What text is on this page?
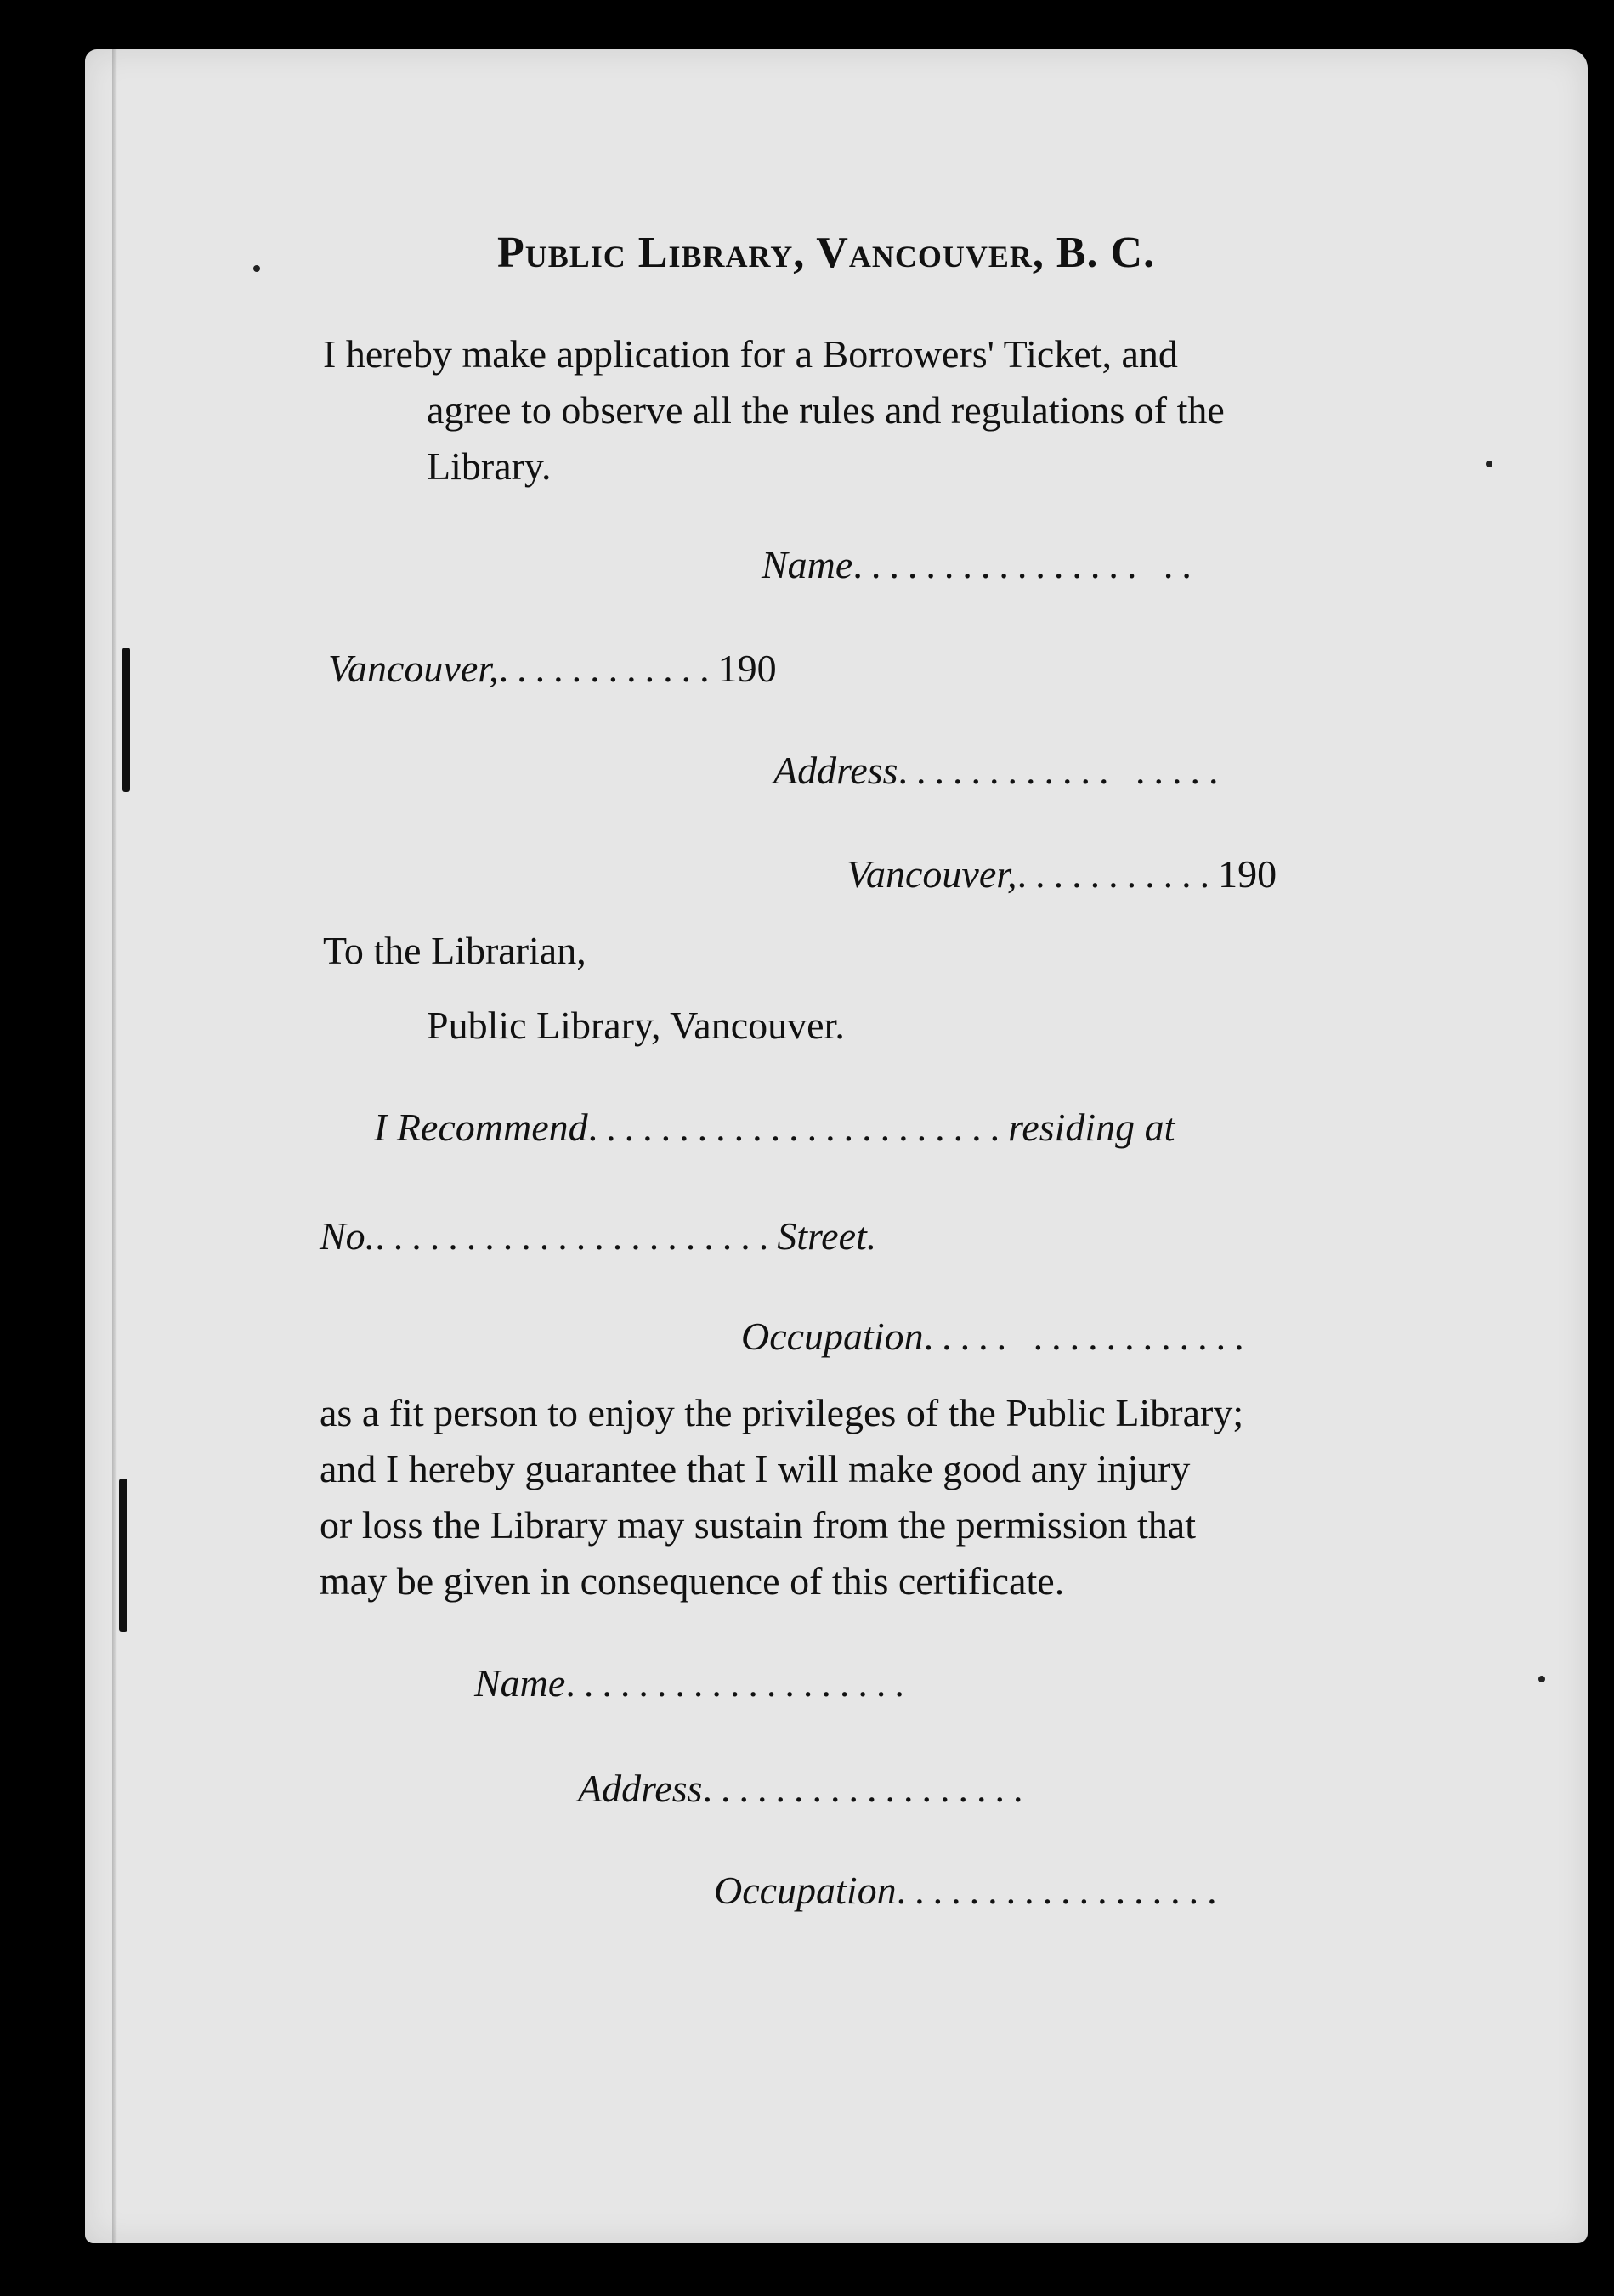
Public Library, Vancouver, B. C.
I hereby make application for a Borrowers' Ticket, and
agree to observe all the rules and regulations of the
Library.
Name................ ..
Vancouver,............190
Address............ .....
Vancouver,...........190

To the Librarian,

Public Library, Vancouver.

I Recommend.......................residing at
No.......................Street.
Occupation..... ............
as a fit person to enjoy the privileges of the Public Library;
and I hereby guarantee that I will make good any injury
or loss the Library may sustain from the permission that
may be given in consequence of this certificate.
Name...................
Address..................
Occupation..................
